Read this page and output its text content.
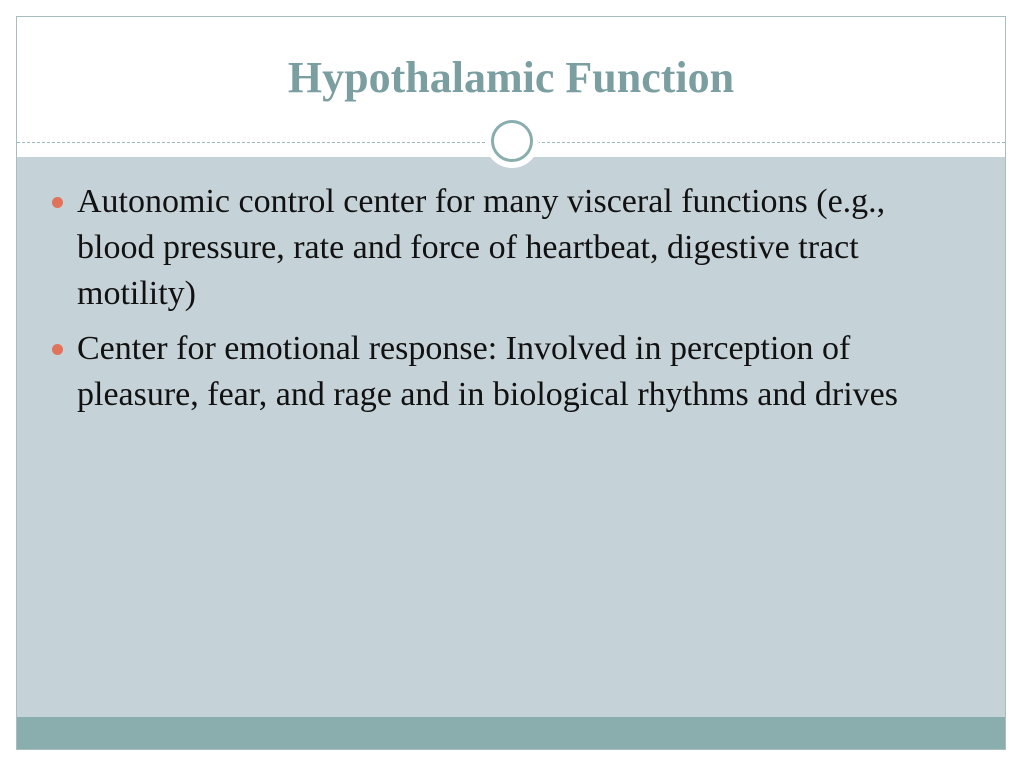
Hypothalamic Function
Autonomic control center for many visceral functions (e.g., blood pressure, rate and force of heartbeat, digestive tract motility)
Center for emotional response: Involved in perception of pleasure, fear, and rage and in biological rhythms and drives
